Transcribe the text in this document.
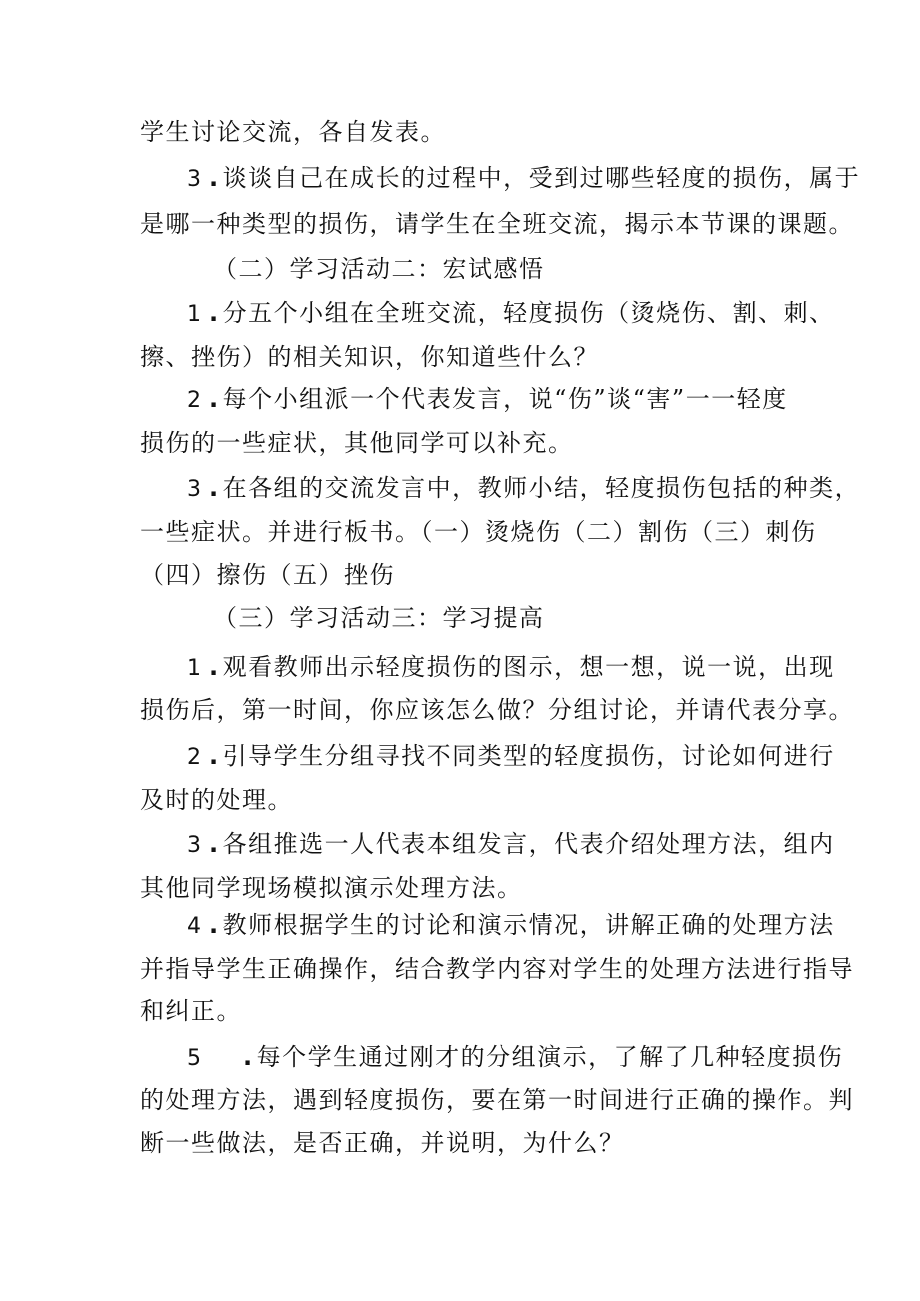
学生讨论交流，各自发表。
3 . 谈谈自己在成长的过程中，受到过哪些轻度的损伤，属于
是哪一种类型的损伤，请学生在全班交流，揭示本节课的课题。
（二）学习活动二：宏试感悟
1 . 分五个小组在全班交流，轻度损伤（烫烧伤、割、刺、
擦、挫伤）的相关知识，你知道些什么？
2 . 每个小组派一个代表发言，说“伤”谈“害”一一轻度
损伤的一些症状，其他同学可以补充。
3 . 在各组的交流发言中，教师小结，轻度损伤包括的种类，
一些症状。并进行板书。（一）烫烧伤（二）割伤（三）刺伤
（四）擦伤（五）挫伤
（三）学习活动三：学习提高
1 . 观看教师出示轻度损伤的图示，想一想，说一说，出现
损伤后，第一时间，你应该怎么做？分组讨论，并请代表分享。
2 . 引导学生分组寻找不同类型的轻度损伤，讨论如何进行
及时的处理。
3 . 各组推选一人代表本组发言，代表介绍处理方法，组内
其他同学现场模拟演示处理方法。
4 . 教师根据学生的讨论和演示情况，讲解正确的处理方法
并指导学生正确操作，结合教学内容对学生的处理方法进行指导
和纠正。
5 . 每个学生通过刚才的分组演示，了解了几种轻度损伤
的处理方法，遇到轻度损伤，要在第一时间进行正确的操作。判
断一些做法，是否正确，并说明，为什么？
